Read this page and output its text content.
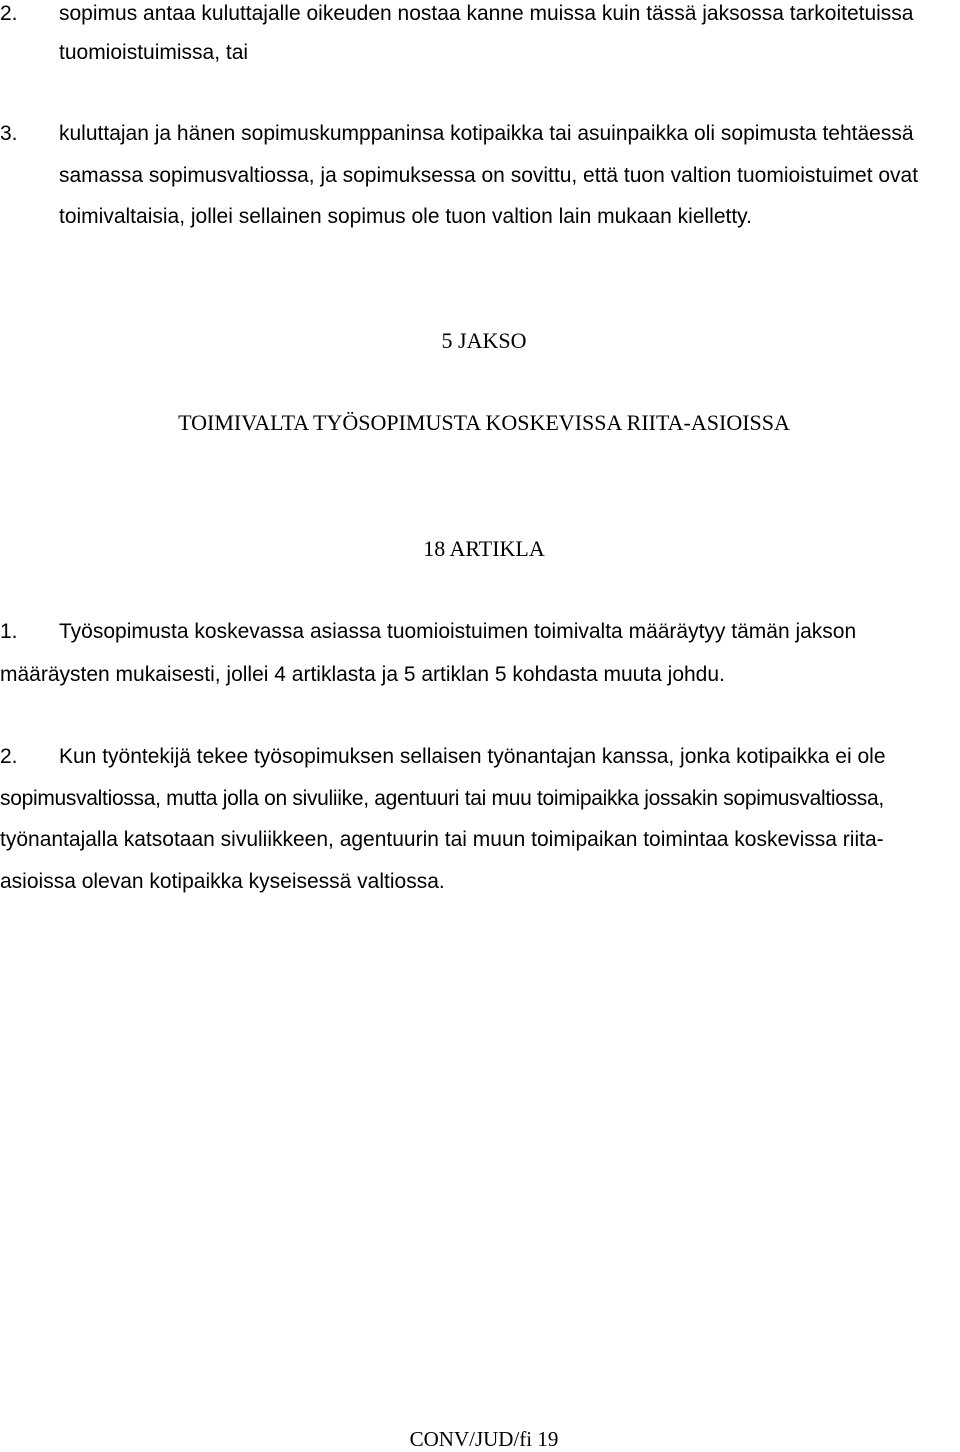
2. sopimus antaa kuluttajalle oikeuden nostaa kanne muissa kuin tässä jaksossa tarkoitetuissa
tuomioistuimissa, tai
3. kuluttajan ja hänen sopimuskumppaninsa kotipaikka tai asuinpaikka oli sopimusta tehtäessä
samassa sopimusvaltiossa, ja sopimuksessa on sovittu, että tuon valtion tuomioistuimet ovat
toimivaltaisia, jollei sellainen sopimus ole tuon valtion lain mukaan kielletty.
5 JAKSO
TOIMIVALTA TYÖSOPIMUSTA KOSKEVISSA RIITA-ASIOISSA
18 ARTIKLA
1. Työsopimusta koskevassa asiassa tuomioistuimen toimivalta määräytyy tämän jakson
määräysten mukaisesti, jollei 4 artiklasta ja 5 artiklan 5 kohdasta muuta johdu.
2. Kun työntekijä tekee työsopimuksen sellaisen työnantajan kanssa, jonka kotipaikka ei ole
sopimusvaltiossa, mutta jolla on sivuliike, agentuuri tai muu toimipaikka jossakin sopimusvaltiossa,
työnantajalla katsotaan sivuliikkeen, agentuurin tai muun toimipaikan toimintaa koskevissa riita-
asioissa olevan kotipaikka kyseisessä valtiossa.
CONV/JUD/fi 19
